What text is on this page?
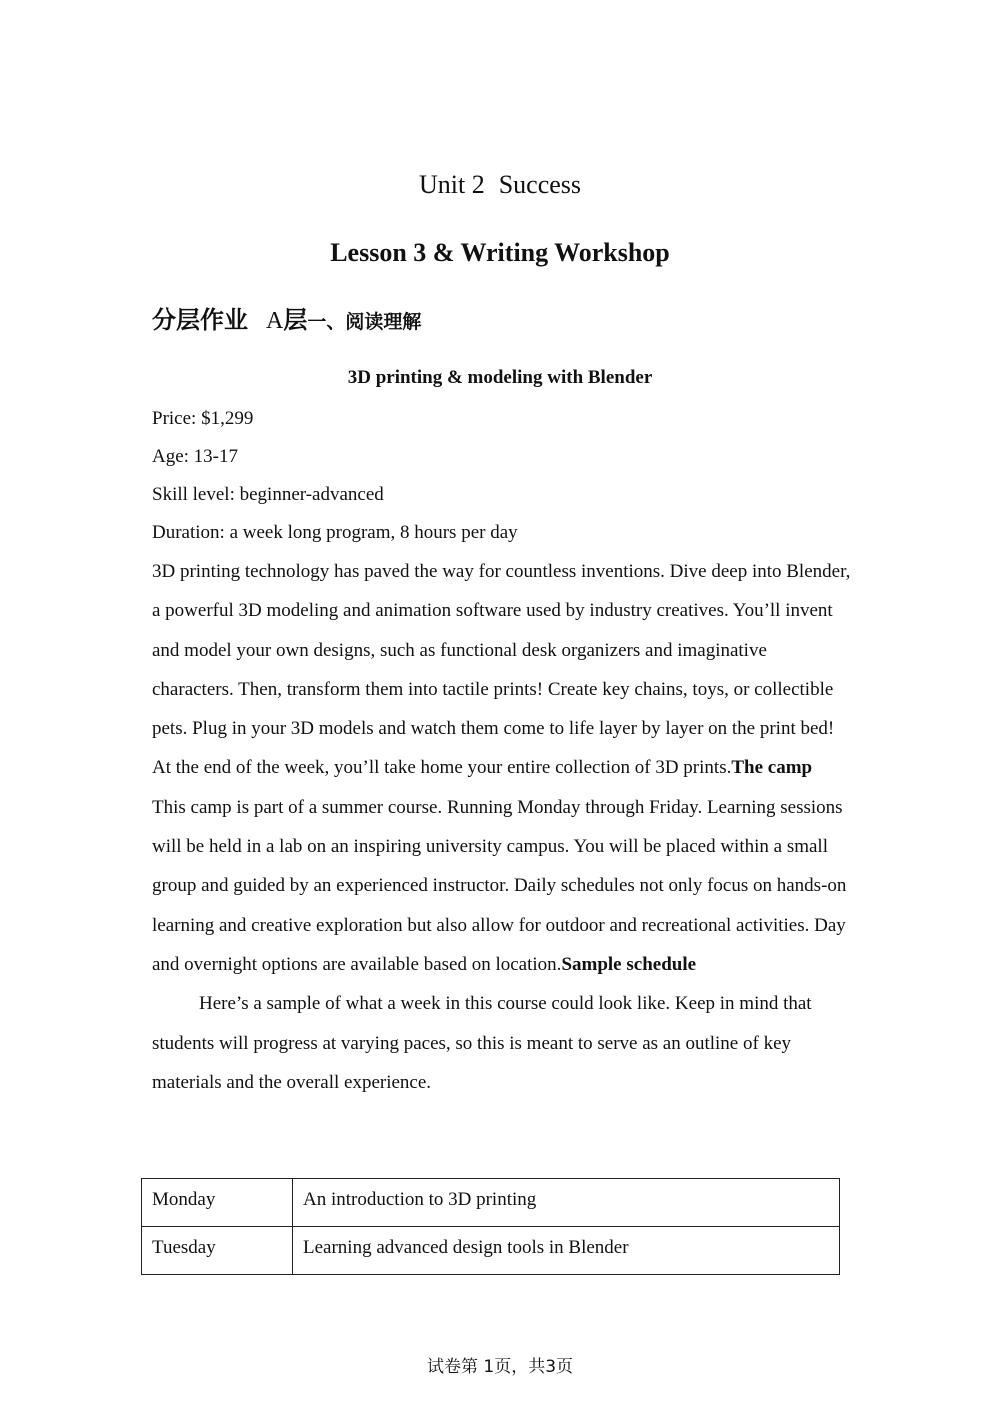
Unit 2 Success
Lesson 3 & Writing Workshop
分层作业 A层一、阅读理解
3D printing & modeling with Blender
Price: $1,299
Age: 13-17
Skill level: beginner-advanced
Duration: a week long program, 8 hours per day

3D printing technology has paved the way for countless inventions. Dive deep into Blender, a powerful 3D modeling and animation software used by industry creatives. You’ll invent and model your own designs, such as functional desk organizers and imaginative characters. Then, transform them into tactile prints! Create key chains, toys, or collectible pets. Plug in your 3D models and watch them come to life layer by layer on the print bed! At the end of the week, you’ll take home your entire collection of 3D prints.The camp

This camp is part of a summer course. Running Monday through Friday. Learning sessions will be held in a lab on an inspiring university campus. You will be placed within a small group and guided by an experienced instructor. Daily schedules not only focus on hands-on learning and creative exploration but also allow for outdoor and recreational activities. Day and overnight options are available based on location.Sample schedule

Here’s a sample of what a week in this course could look like. Keep in mind that students will progress at varying paces, so this is meant to serve as an outline of key materials and the overall experience.

Monday	An introduction to 3D printing
Tuesday	Learning advanced design tools in Blender
试卷第 1页，共3页
